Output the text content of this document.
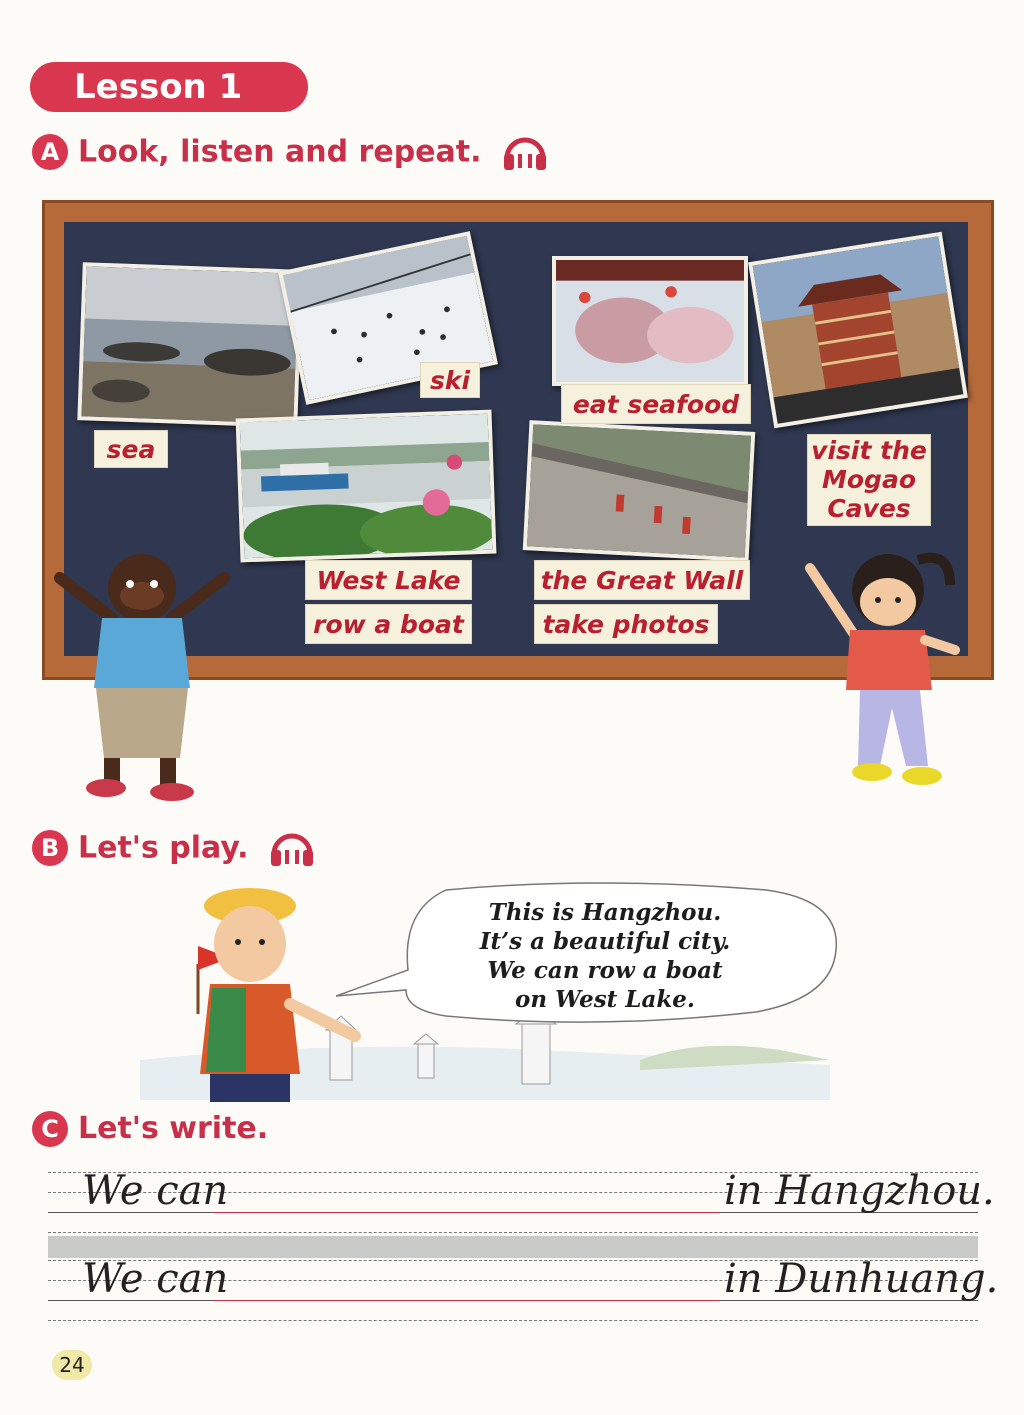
Lesson 1
A Look, listen and repeat.
sea
ski
eat seafood
visit the
Mogao
Caves
West Lake
row a boat
the Great Wall
take photos
B Let's play.
This is Hangzhou.
It’s a beautiful city.
We can row a boat
on West Lake.
C Let's write.
We can	in Hangzhou.
We can	in Dunhuang.
24
